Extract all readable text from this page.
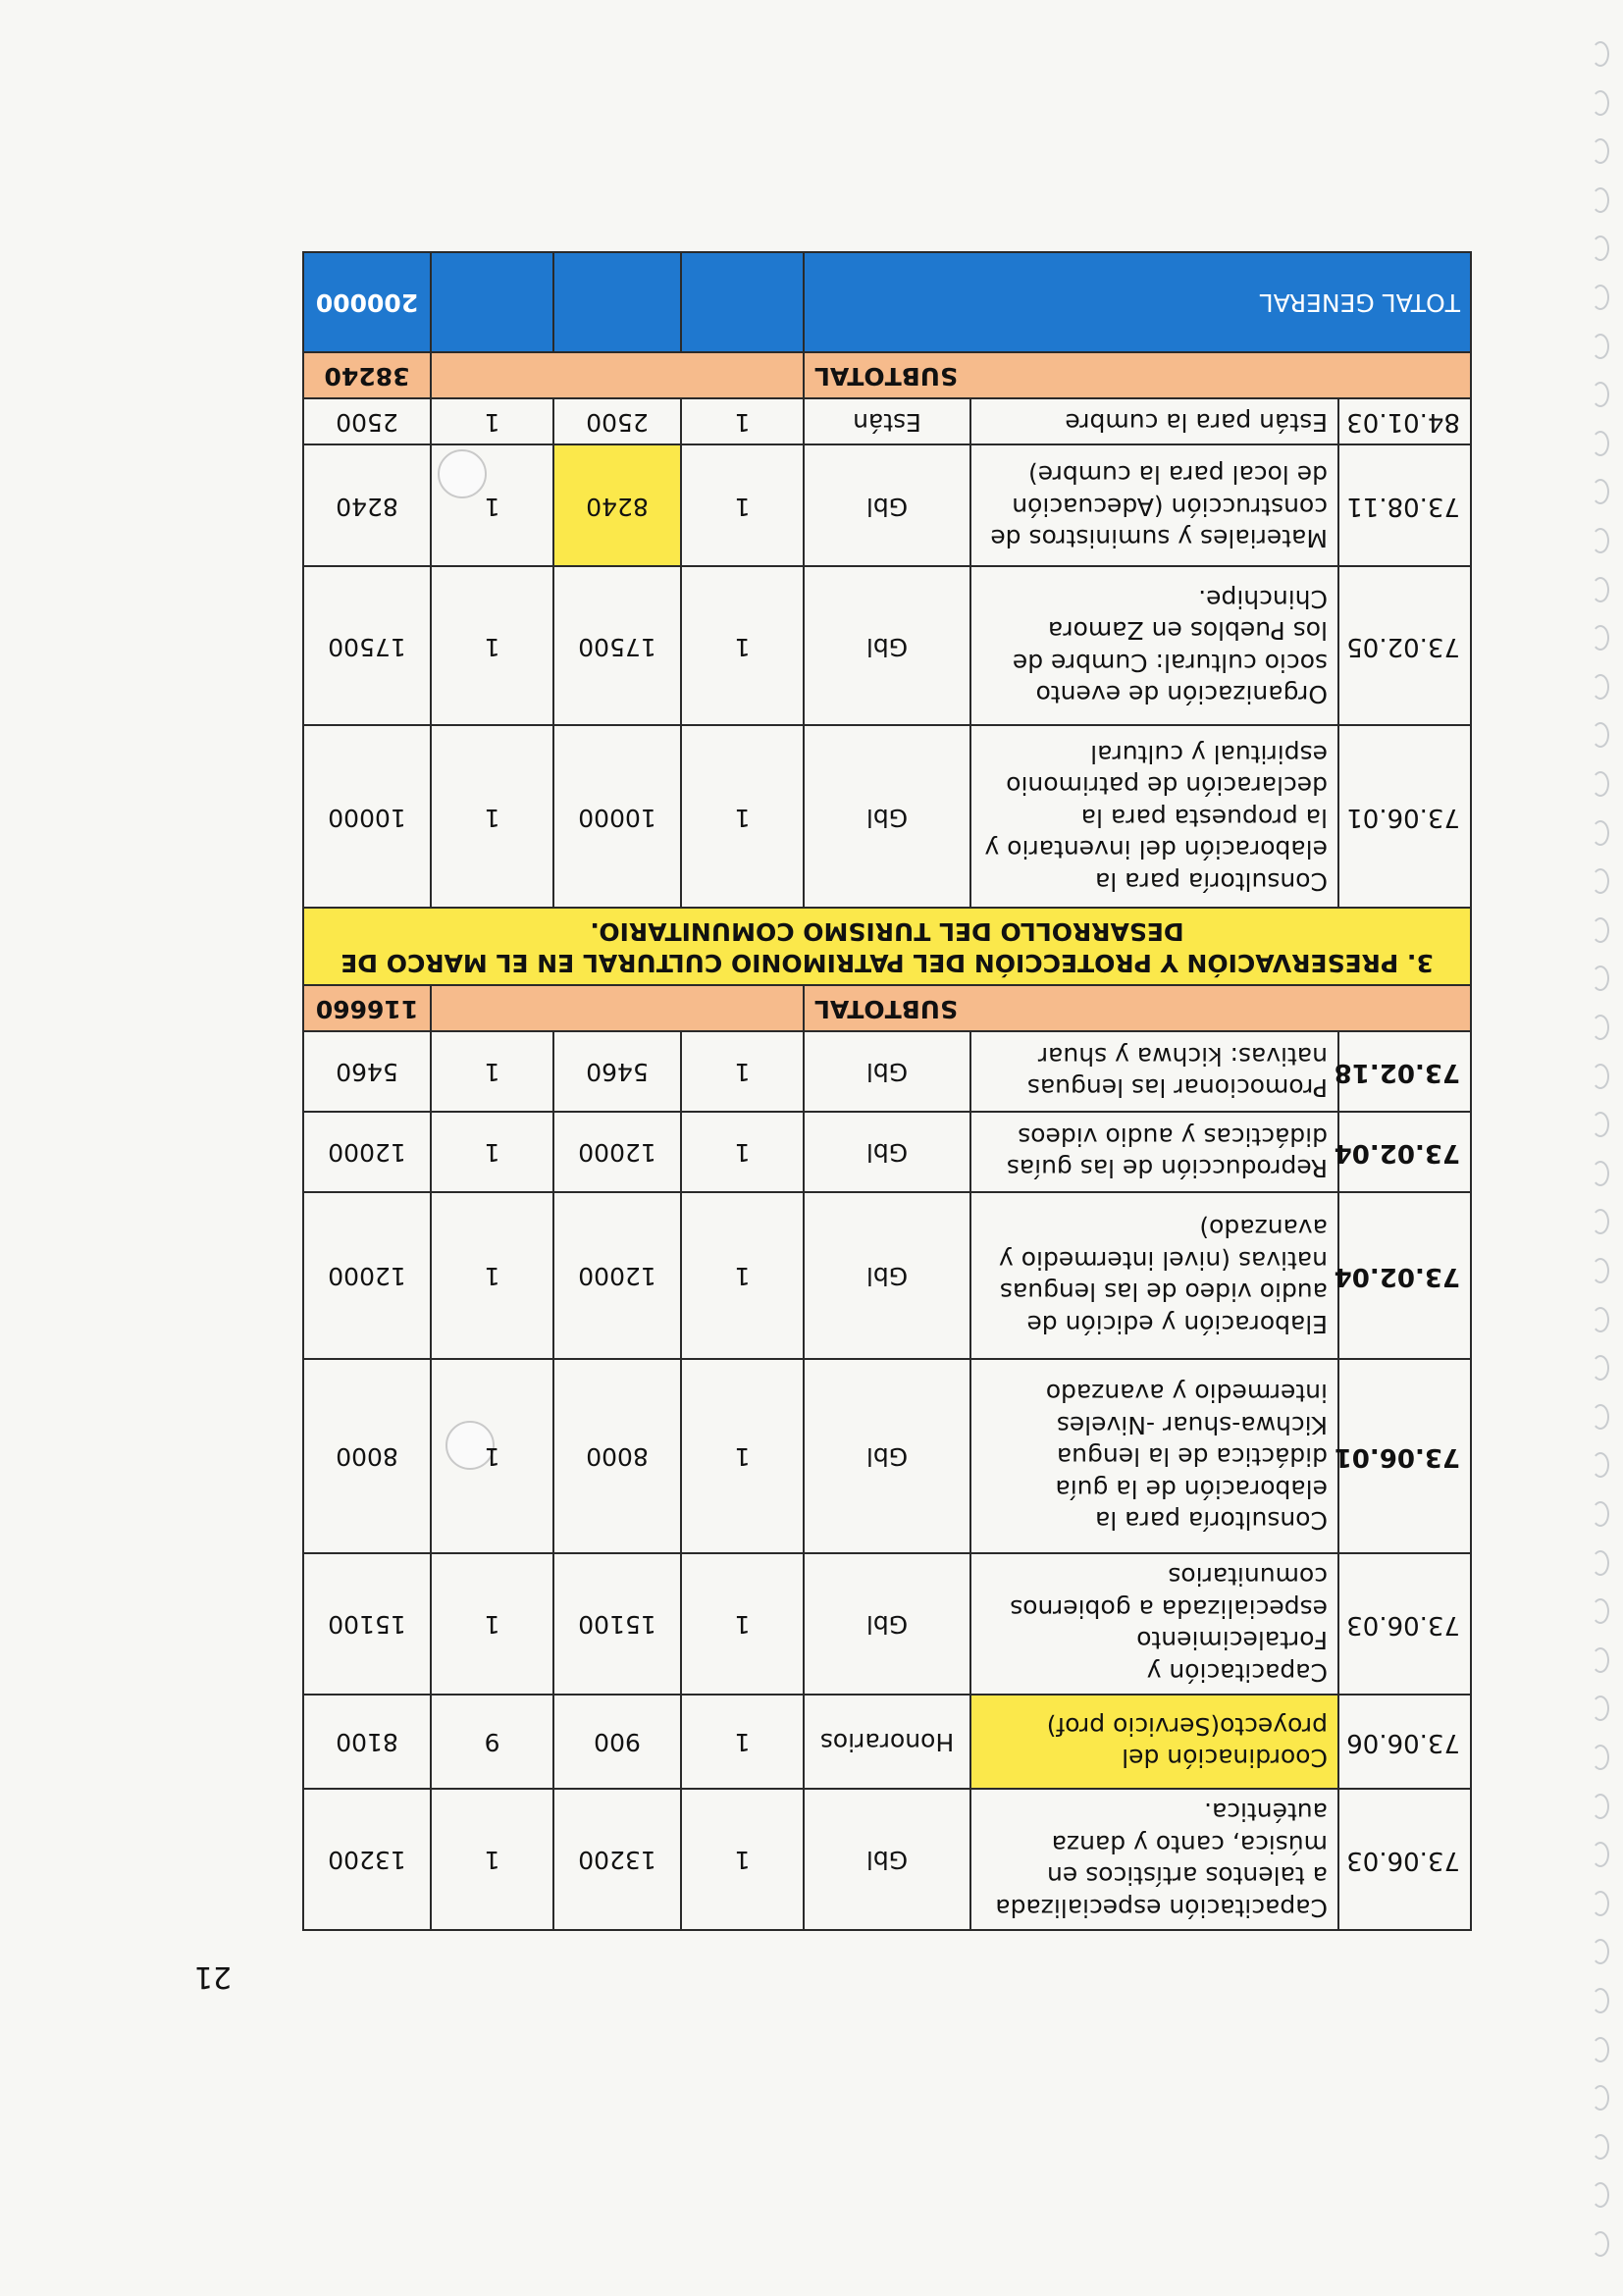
21
73.06.03	Capacitación especializada a talentos artísticos en música, canto y danza auténtica.	Gbl	1	13200	1	13200
73.06.06	Coordinación del proyecto(Servicio prof)	Honorarios	1	900	9	8100
73.06.03	Capacitación y Fortalecimiento especializada a gobiernos comunitarios	Gbl	1	15100	1	15100
73.06.01	Consultoría para la elaboración de la guía didáctica de la lengua Kichwa-shuar -Niveles intermedio y avanzado	Gbl	1	8000	1	8000
73.02.04	Elaboración y edición de audio video de las lenguas nativas (nivel intermedio y avanzado)	Gbl	1	12000	1	12000
73.02.04	Reproducción de las guías didácticas y audio videos	Gbl	1	12000	1	12000
73.02.18	Promocionar las lenguas nativas: kichwa y shuar	Gbl	1	5460	1	5460
SUBTOTAL						116660
3. PRESERVACIÓN Y PROTECCIÓN DEL PATRIMONIO CULTURAL EN EL MARCO DE DESARROLLO DEL TURISMO COMUNITARIO.						
73.06.01	Consultoría para la elaboración del inventario y la propuesta para la declaración de patrimonio espiritual y cultural	Gbl	1	10000	1	10000
73.02.05	Organización de evento socio cultural: Cumbre de los Pueblos en Zamora Chinchipe.	Gbl	1	17500	1	17500
73.08.11	Materiales y suministros de construcción (Adecuación de local para la cumbre)	Gbl	1	8240	1	8240
84.01.03	Están para la cumbre	Están	1	2500	1	2500
SUBTOTAL						38240
TOTAL GENERAL						200000
